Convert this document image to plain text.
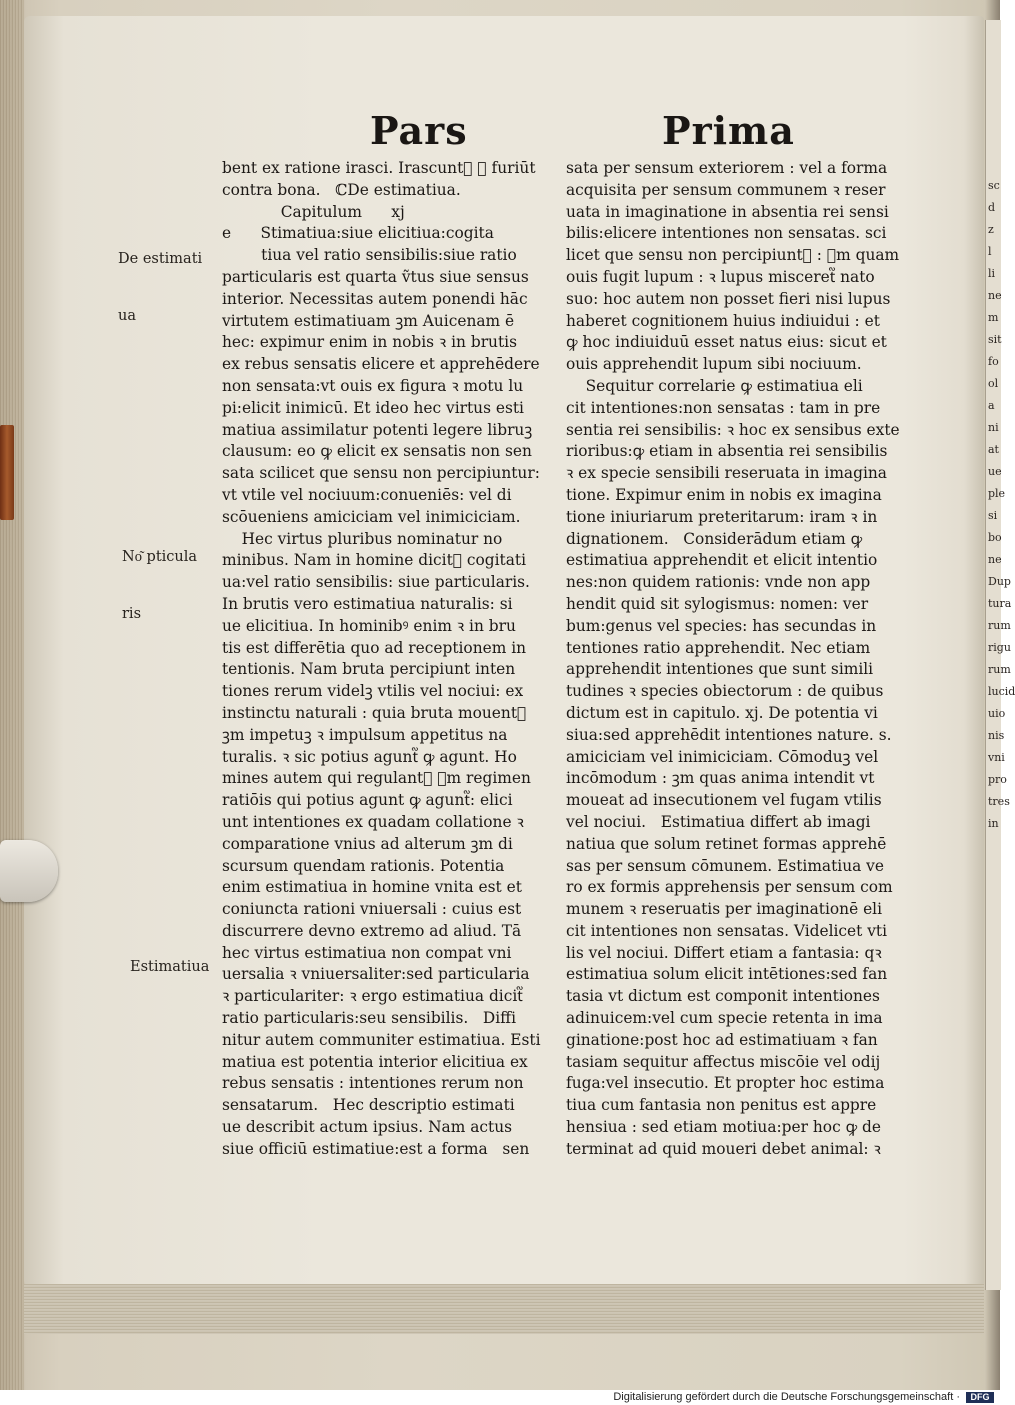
sc
d
z
l
li
ne
m
sit
fo
ol
a
ni
at
ue
ple
si
bo
ne
Dup
tura
rum
rigu
rum
lucid
uio
nis
vni
pro
tres
in
Pars	Prima

De estimati

ua

No͂ pticula

ris

Estimatiua
bent ex ratione irasci. Irascunt᷑ ꝛ furiūt
contra bona.   ℂDe estimatiua.
Capitulum      xj
e      Stimatiua:siue elicitiua:cogita
tiua vel ratio sensibilis:siue ratio
particularis est quarta ṽtus siue sensus
interior. Necessitas autem ponendi hāc
virtutem estimatiuam ꝫm Auicenam ē
hec: expimur enim in nobis ꝛ in brutis
ex rebus sensatis elicere et apprehēdere
non sensata:vt ouis ex figura ꝛ motu lu
pi:elicit inimicū. Et ideo hec virtus esti
matiua assimilatur potenti legere libruꝫ
clausum: eo ꝙ elicit ex sensatis non sen
sata scilicet que sensu non percipiuntur:
vt vtile vel nociuum:conueniēs: vel di
scōueniens amiciciam vel inimiciciam.
Hec virtus pluribus nominatur no
minibus. Nam in homine dicit᷑ cogitati
ua:vel ratio sensibilis: siue particularis.
In brutis vero estimatiua naturalis: si
ue elicitiua. In hominibꝰ enim ꝛ in bru
tis est differētia quo ad receptionem in
tentionis. Nam bruta percipiunt inten
tiones rerum videlꝫ vtilis vel nociui: ex
instinctu naturali : quia bruta mouent᷑
ꝫm impetuꝫ ꝛ impulsum appetitus na
turalis. ꝛ sic potius agunt᷑ ꝙ agunt. Ho
mines autem qui regulant᷑ ꝫm regimen
ratiōis qui potius agunt ꝙ agunt᷑: elici
unt intentiones ex quadam collatione ꝛ
comparatione vnius ad alterum ꝫm di
scursum quendam rationis. Potentia
enim estimatiua in homine vnita est et
coniuncta rationi vniuersali : cuius est
discurrere devno extremo ad aliud. Tā
hec virtus estimatiua non compat vni
uersalia ꝛ vniuersaliter:sed particularia
ꝛ particulariter: ꝛ ergo estimatiua dicit᷑
ratio particularis:seu sensibilis.   Diffi
nitur autem communiter estimatiua. Esti
matiua est potentia interior elicitiua ex
rebus sensatis : intentiones rerum non
sensatarum.   Hec descriptio estimati
ue describit actum ipsius. Nam actus
siue officiū estimatiue:est a forma   sen
sata per sensum exteriorem : vel a forma
acquisita per sensum communem ꝛ reser
uata in imaginatione in absentia rei sensi
bilis:elicere intentiones non sensatas. sci
licet que sensu non percipiunt᷑ : ꝫm quam
ouis fugit lupum : ꝛ lupus misceret᷑ nato
suo: hoc autem non posset fieri nisi lupus
haberet cognitionem huius indiuidui : et
ꝙ hoc indiuiduū esset natus eius: sicut et
ouis apprehendit lupum sibi nociuum.
Sequitur correlarie ꝙ estimatiua eli
cit intentiones:non sensatas : tam in pre
sentia rei sensibilis: ꝛ hoc ex sensibus exte
rioribus:ꝙ etiam in absentia rei sensibilis
ꝛ ex specie sensibili reseruata in imagina
tione. Expimur enim in nobis ex imagina
tione iniuriarum preteritarum: iram ꝛ in
dignationem.   Considerādum etiam ꝙ
estimatiua apprehendit et elicit intentio
nes:non quidem rationis: vnde non app
hendit quid sit sylogismus: nomen: ver
bum:genus vel species: has secundas in
tentiones ratio apprehendit. Nec etiam
apprehendit intentiones que sunt simili
tudines ꝛ species obiectorum : de quibus
dictum est in capitulo. xj. De potentia vi
siua:sed apprehēdit intentiones nature. s.
amiciciam vel inimiciciam. Cōmoduꝫ vel
incōmodum : ꝫm quas anima intendit vt
moueat ad insecutionem vel fugam vtilis
vel nociui.   Estimatiua differt ab imagi
natiua que solum retinet formas apprehē
sas per sensum cōmunem. Estimatiua ve
ro ex formis apprehensis per sensum com
munem ꝛ reseruatis per imaginationē eli
cit intentiones non sensatas. Videlicet vti
lis vel nociui. Differt etiam a fantasia: qꝛ
estimatiua solum elicit intētiones:sed fan
tasia vt dictum est componit intentiones
adinuicem:vel cum specie retenta in ima
ginatione:post hoc ad estimatiuam ꝛ fan
tasiam sequitur affectus miscōie vel odij
fuga:vel insecutio. Et propter hoc estima
tiua cum fantasia non penitus est appre
hensiua : sed etiam motiua:per hoc ꝙ de
terminat ad quid moueri debet animal: ꝛ
Digitalisierung gefördert durch die Deutsche Forschungsgemeinschaft ·	DFG
